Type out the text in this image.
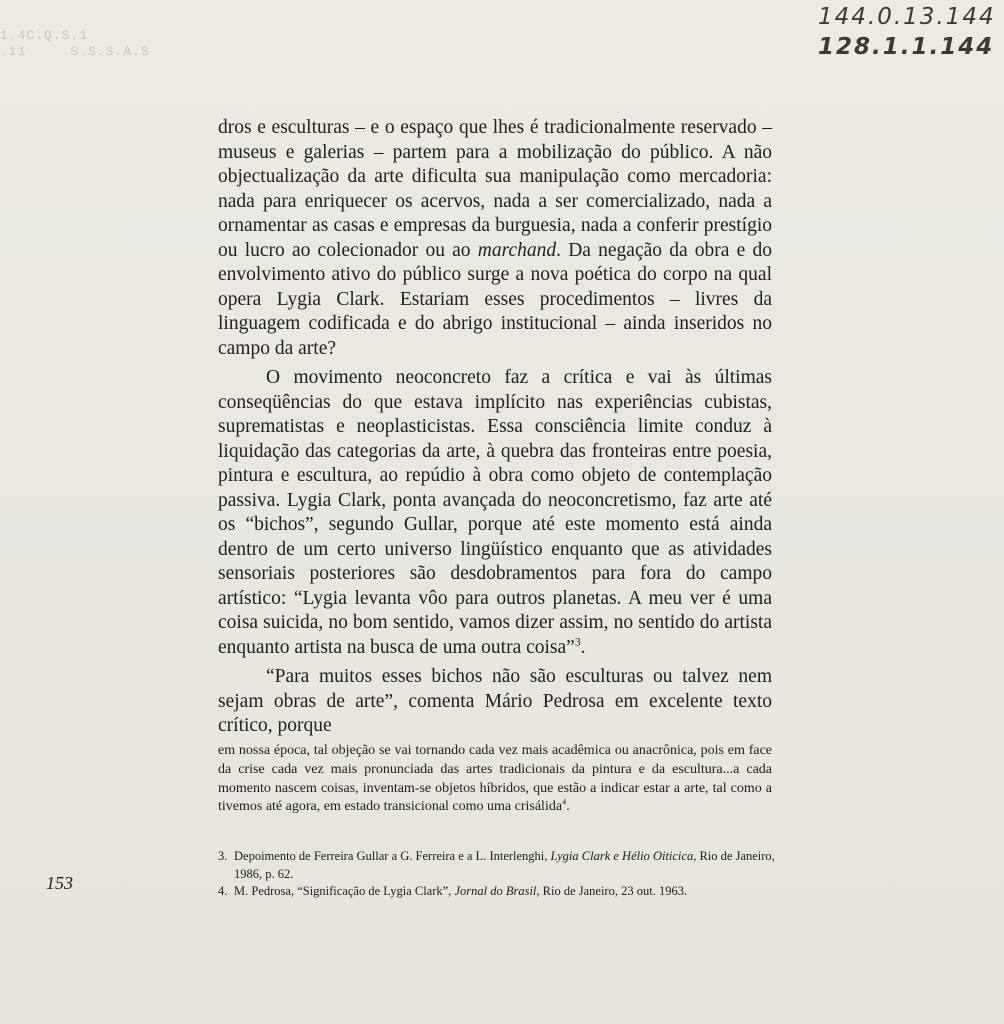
1.4C.Q.S.1
.11     S.S.S.A.S
144.0.13.144
128.1.1.144

dros e esculturas – e o espaço que lhes é tradicionalmente reservado – museus e galerias – partem para a mobilização do público. A não objectualização da arte dificulta sua manipulação como mercadoria: nada para enriquecer os acervos, nada a ser comercializado, nada a ornamentar as casas e empresas da burguesia, nada a conferir prestígio ou lucro ao colecionador ou ao marchand. Da negação da obra e do envolvimento ativo do público surge a nova poética do corpo na qual opera Lygia Clark. Estariam esses procedimentos – livres da linguagem codificada e do abrigo institucional – ainda inseridos no campo da arte?

O movimento neoconcreto faz a crítica e vai às últimas conseqüências do que estava implícito nas experiências cubistas, suprematistas e neoplasticistas. Essa consciência limite conduz à liquidação das categorias da arte, à quebra das fronteiras entre poesia, pintura e escultura, ao repúdio à obra como objeto de contemplação passiva. Lygia Clark, ponta avançada do neoconcretismo, faz arte até os “bichos”, segundo Gullar, porque até este momento está ainda dentro de um certo universo lingüístico enquanto que as atividades sensoriais posteriores são desdobramentos para fora do campo artístico: “Lygia levanta vôo para outros planetas. A meu ver é uma coisa suicida, no bom sentido, vamos dizer assim, no sentido do artista enquanto artista na busca de uma outra coisa”$^3$.

“Para muitos esses bichos não são esculturas ou talvez nem sejam obras de arte”, comenta Mário Pedrosa em excelente texto crítico, porque

em nossa época, tal objeção se vai tornando cada vez mais acadêmica ou anacrônica, pois em face da crise cada vez mais pronunciada das artes tradicionais da pintura e da escultura...a cada momento nascem coisas, inventam-se objetos híbridos, que estão a indicar estar a arte, tal como a tivemos até agora, em estado transicional como uma crisálida$^4$.

153
3. Depoimento de Ferreira Gullar a G. Ferreira e a L. Interlenghi, Lygia Clark e Hélio Oiticica, Rio de Janeiro, 1986, p. 62.
4. M. Pedrosa, “Significação de Lygia Clark”, Jornal do Brasil, Rio de Janeiro, 23 out. 1963.
